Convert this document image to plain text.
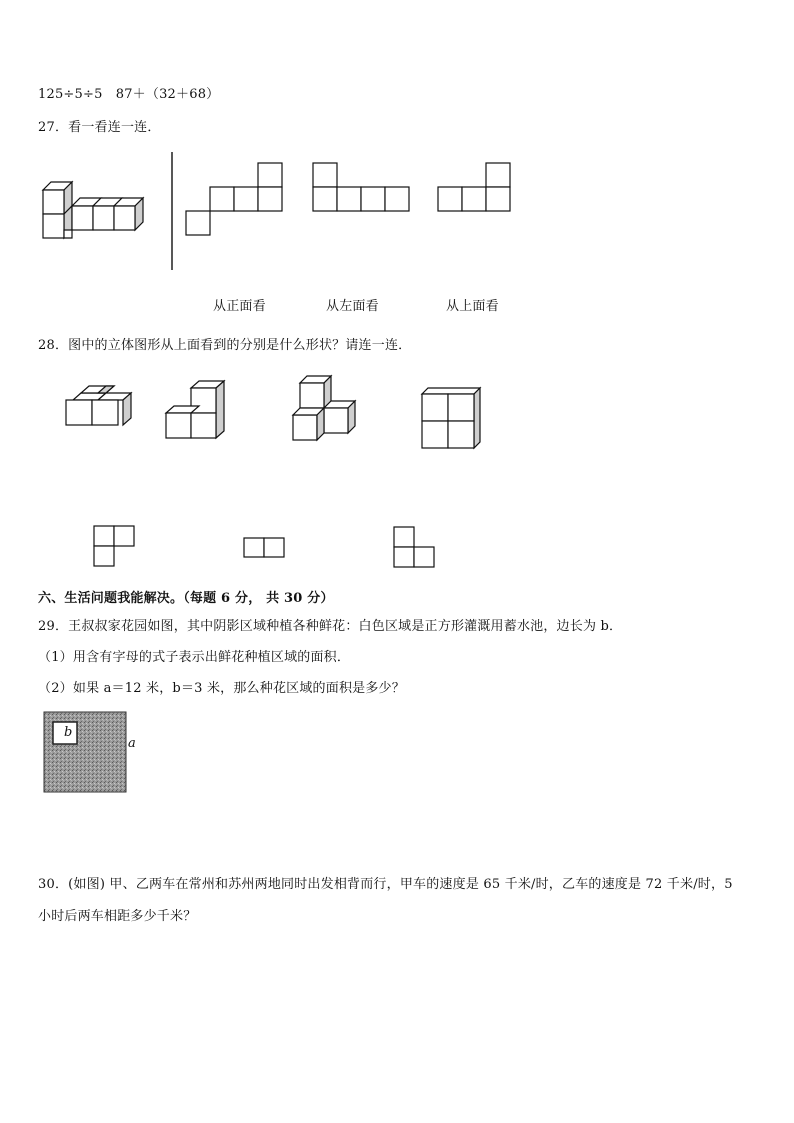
125÷5÷5　87＋（32＋68）
27．看一看连一连．
从正面看	从左面看	从上面看
28．图中的立体图形从上面看到的分别是什么形状？请连一连．
六、生活问题我能解决。（每题 6 分， 共 30 分）
29．王叔叔家花园如图，其中阴影区域种植各种鲜花：白色区域是正方形灌溉用蓄水池，边长为 b．
（1）用含有字母的式子表示出鲜花种植区域的面积．
（2）如果 a＝12 米，b＝3 米，那么种花区域的面积是多少？
b
a
30．(如图) 甲、乙两车在常州和苏州两地同时出发相背而行，甲车的速度是 65 千米/时，乙车的速度是 72 千米/时，5
小时后两车相距多少千米？
